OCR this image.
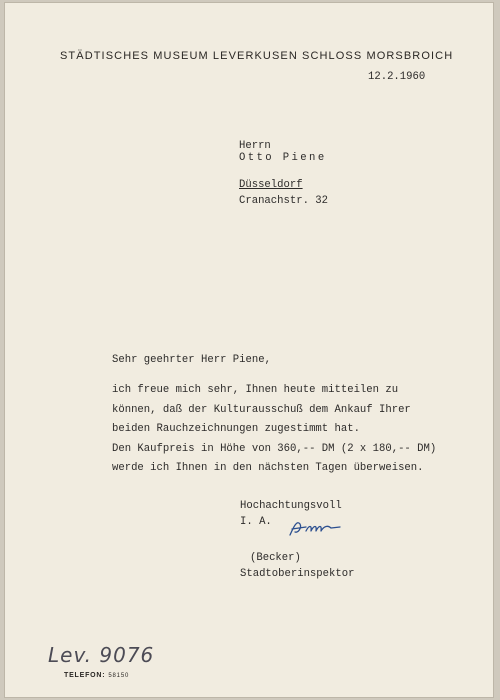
STÄDTISCHES MUSEUM LEVERKUSEN SCHLOSS MORSBROICH
12.2.1960
Herrn
Otto Piene
Düsseldorf
Cranachstr. 32
Sehr geehrter Herr Piene,
ich freue mich sehr, Ihnen heute mitteilen zu
können, daß der Kulturausschuß dem Ankauf Ihrer
beiden Rauchzeichnungen zugestimmt hat.
Den Kaufpreis in Höhe von 360,-- DM (2 x 180,-- DM)
werde ich Ihnen in den nächsten Tagen überweisen.
Hochachtungsvoll
I. A.
(Becker)
Stadtoberinspektor
Lev. 9076
TELEFON: 58150
